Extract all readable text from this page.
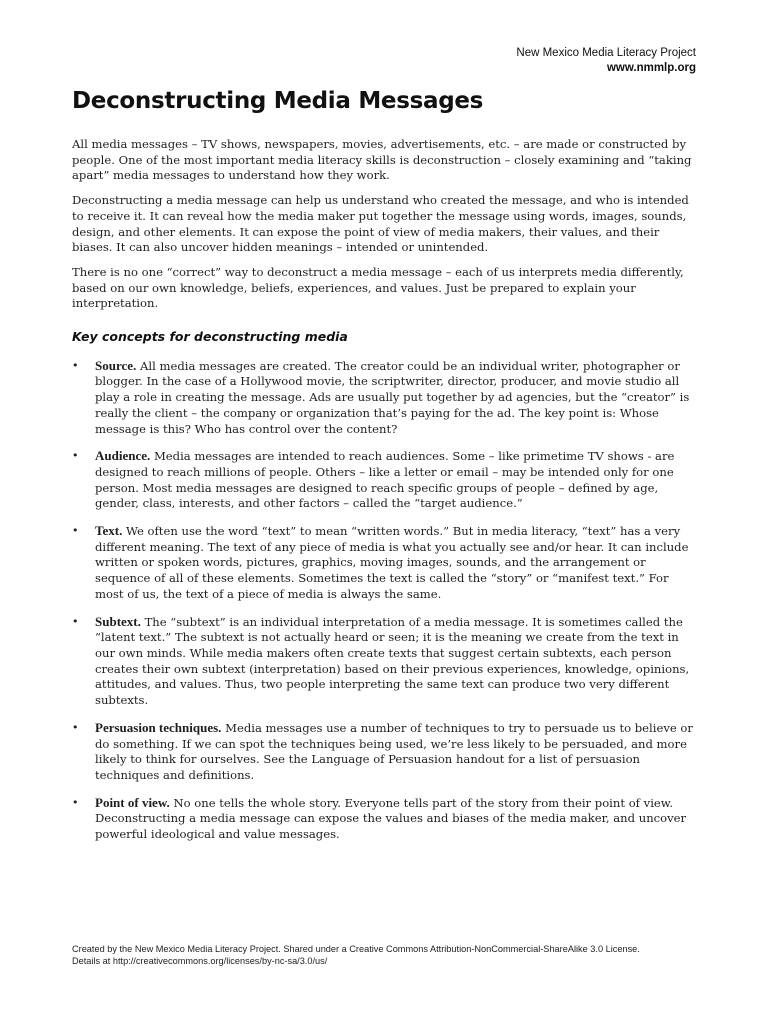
New Mexico Media Literacy Project
www.nmmlp.org
Deconstructing Media Messages

All media messages – TV shows, newspapers, movies, advertisements, etc. – are made or constructed by people. One of the most important media literacy skills is deconstruction – closely examining and “taking apart” media messages to understand how they work.

Deconstructing a media message can help us understand who created the message, and who is intended to receive it. It can reveal how the media maker put together the message using words, images, sounds, design, and other elements. It can expose the point of view of media makers, their values, and their biases. It can also uncover hidden meanings – intended or unintended.

There is no one “correct” way to deconstruct a media message – each of us interprets media differently, based on our own knowledge, beliefs, experiences, and values. Just be prepared to explain your interpretation.

Key concepts for deconstructing media
• Source. All media messages are created. The creator could be an individual writer, photographer or blogger. In the case of a Hollywood movie, the scriptwriter, director, producer, and movie studio all play a role in creating the message. Ads are usually put together by ad agencies, but the “creator” is really the client – the company or organization that’s paying for the ad. The key point is: Whose message is this? Who has control over the content?
• Audience. Media messages are intended to reach audiences. Some – like primetime TV shows - are designed to reach millions of people. Others – like a letter or email – may be intended only for one person. Most media messages are designed to reach specific groups of people – defined by age, gender, class, interests, and other factors – called the “target audience.”
• Text. We often use the word “text” to mean “written words.” But in media literacy, “text” has a very different meaning. The text of any piece of media is what you actually see and/or hear. It can include written or spoken words, pictures, graphics, moving images, sounds, and the arrangement or sequence of all of these elements. Sometimes the text is called the “story” or “manifest text.” For most of us, the text of a piece of media is always the same.
• Subtext. The “subtext” is an individual interpretation of a media message. It is sometimes called the “latent text.” The subtext is not actually heard or seen; it is the meaning we create from the text in our own minds. While media makers often create texts that suggest certain subtexts, each person creates their own subtext (interpretation) based on their previous experiences, knowledge, opinions, attitudes, and values. Thus, two people interpreting the same text can produce two very different subtexts.
• Persuasion techniques. Media messages use a number of techniques to try to persuade us to believe or do something. If we can spot the techniques being used, we’re less likely to be persuaded, and more likely to think for ourselves. See the Language of Persuasion handout for a list of persuasion techniques and definitions.
• Point of view. No one tells the whole story. Everyone tells part of the story from their point of view. Deconstructing a media message can expose the values and biases of the media maker, and uncover powerful ideological and value messages.
Created by the New Mexico Media Literacy Project. Shared under a Creative Commons Attribution-NonCommercial-ShareAlike 3.0 License.
Details at http://creativecommons.org/licenses/by-nc-sa/3.0/us/
